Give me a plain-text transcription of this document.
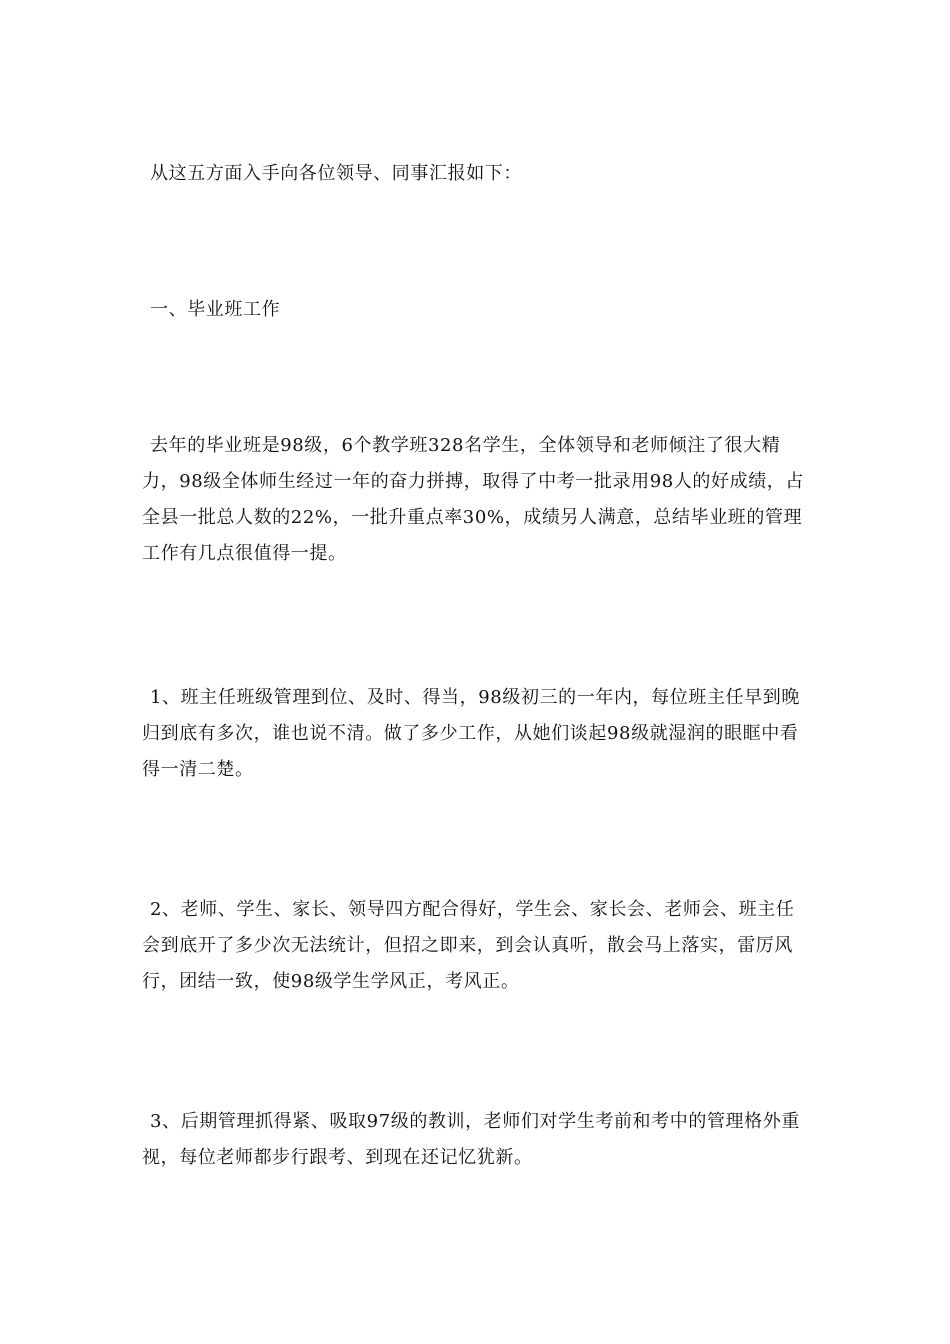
从这五方面入手向各位领导、同事汇报如下：

一、毕业班工作

去年的毕业班是98级，6个教学班328名学生，全体领导和老师倾注了很大精力，98级全体师生经过一年的奋力拼搏，取得了中考一批录用98人的好成绩，占全县一批总人数的22%，一批升重点率30%，成绩另人满意，总结毕业班的管理工作有几点很值得一提。

1、班主任班级管理到位、及时、得当，98级初三的一年内，每位班主任早到晚归到底有多次，谁也说不清。做了多少工作，从她们谈起98级就湿润的眼眶中看得一清二楚。

2、老师、学生、家长、领导四方配合得好，学生会、家长会、老师会、班主任会到底开了多少次无法统计，但招之即来，到会认真听，散会马上落实，雷厉风行，团结一致，使98级学生学风正，考风正。

3、后期管理抓得紧、吸取97级的教训，老师们对学生考前和考中的管理格外重视，每位老师都步行跟考、到现在还记忆犹新。
